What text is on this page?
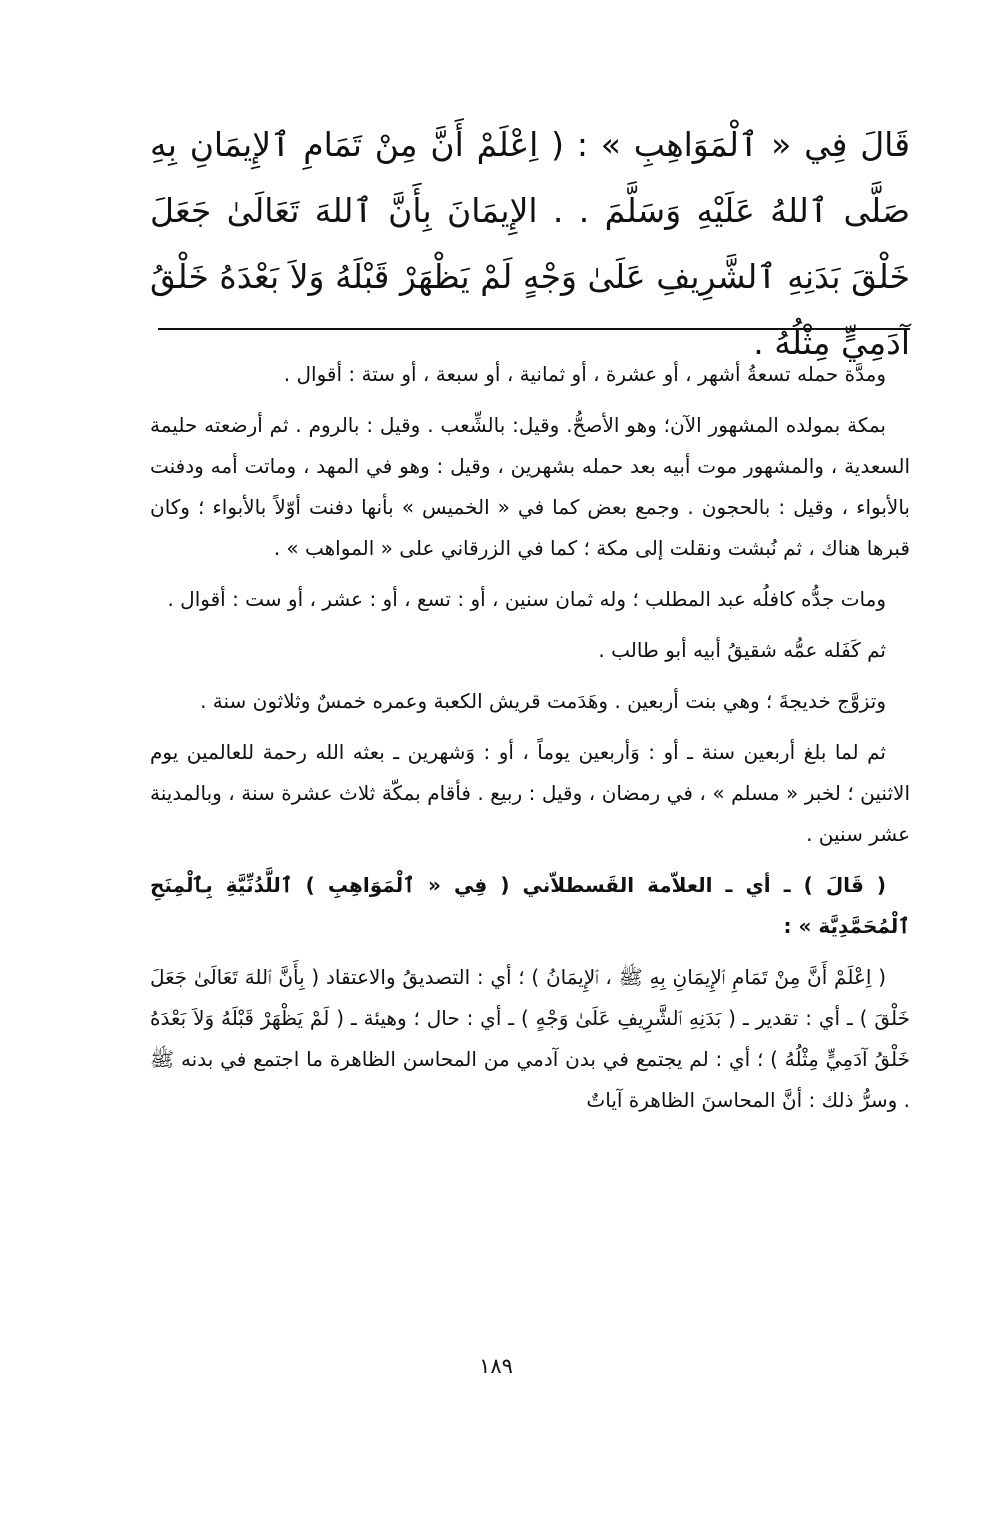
قَالَ فِي « ٱلْمَوَاهِبِ » : ( اِعْلَمْ أَنَّ مِنْ تَمَامِ ٱلإِيمَانِ بِهِ صَلَّى ٱللهُ عَلَيْهِ وَسَلَّمَ . . الإِيمَانَ بِأَنَّ ٱللهَ تَعَالَىٰ جَعَلَ خَلْقَ بَدَنِهِ ٱلشَّرِيفِ عَلَىٰ وَجْهٍ لَمْ يَظْهَرْ قَبْلَهُ وَلاَ بَعْدَهُ خَلْقُ آدَمِيٍّ مِثْلُهُ .

ومدَّة حمله تسعةُ أشهر ، أو عشرة ، أو ثمانية ، أو سبعة ، أو ستة : أقوال .

بمكة بمولده المشهور الآن؛ وهو الأصحُّ. وقيل: بالشِّعب . وقيل : بالروم . ثم أرضعته حليمة السعدية ، والمشهور موت أبيه بعد حمله بشهرين ، وقيل : وهو في المهد ، وماتت أمه ودفنت بالأبواء ، وقيل : بالحجون . وجمع بعض كما في « الخميس » بأنها دفنت أوّلاً بالأبواء ؛ وكان قبرها هناك ، ثم نُبشت ونقلت إلى مكة ؛ كما في الزرقاني على « المواهب » .

ومات جدُّه كافلُه عبد المطلب ؛ وله ثمان سنين ، أو : تسع ، أو : عشر ، أو ست : أقوال .

ثم كَفَله عمُّه شقيقُ أبيه أبو طالب .

وتزوَّج خديجةَ ؛ وهي بنت أربعين . وهَدَمت قريش الكعبة وعمره خمسٌ وثلاثون سنة .

ثم لما بلغ أربعين سنة ـ أو : وَأربعين يوماً ، أو : وَشهرين ـ بعثه الله رحمة للعالمين يوم الاثنين ؛ لخبر « مسلم » ، في رمضان ، وقيل : ربيع . فأقام بمكّة ثلاث عشرة سنة ، وبالمدينة عشر سنين .

( قَالَ ) ـ أي ـ العلاّمة القَسطلاّني ( فِي « ٱلْمَوَاهِبِ ) ٱللَّدُنِّيَّةِ بِٱلْمِنَحِ ٱلْمُحَمَّدِيَّة » :

( اِعْلَمْ أَنَّ مِنْ تَمَامِ ٱلإِيمَانِ بِهِ ﷺ ، ٱلإِيمَانُ ) ؛ أي : التصديقُ والاعتقاد ( بِأَنَّ ٱللهَ تَعَالَىٰ جَعَلَ خَلْقَ ) ـ أي : تقدير ـ ( بَدَنِهِ ٱلشَّرِيفِ عَلَىٰ وَجْهٍ ) ـ أي : حال ؛ وهيئة ـ ( لَمْ يَظْهَرْ قَبْلَهُ وَلاَ بَعْدَهُ خَلْقُ آدَمِيٍّ مِثْلُهُ ) ؛ أي : لم يجتمع في بدن آدمي من المحاسن الظاهرة ما اجتمع في بدنه ﷺ . وسرُّ ذلك : أنَّ المحاسنَ الظاهرة آياتٌ

١٨٩
